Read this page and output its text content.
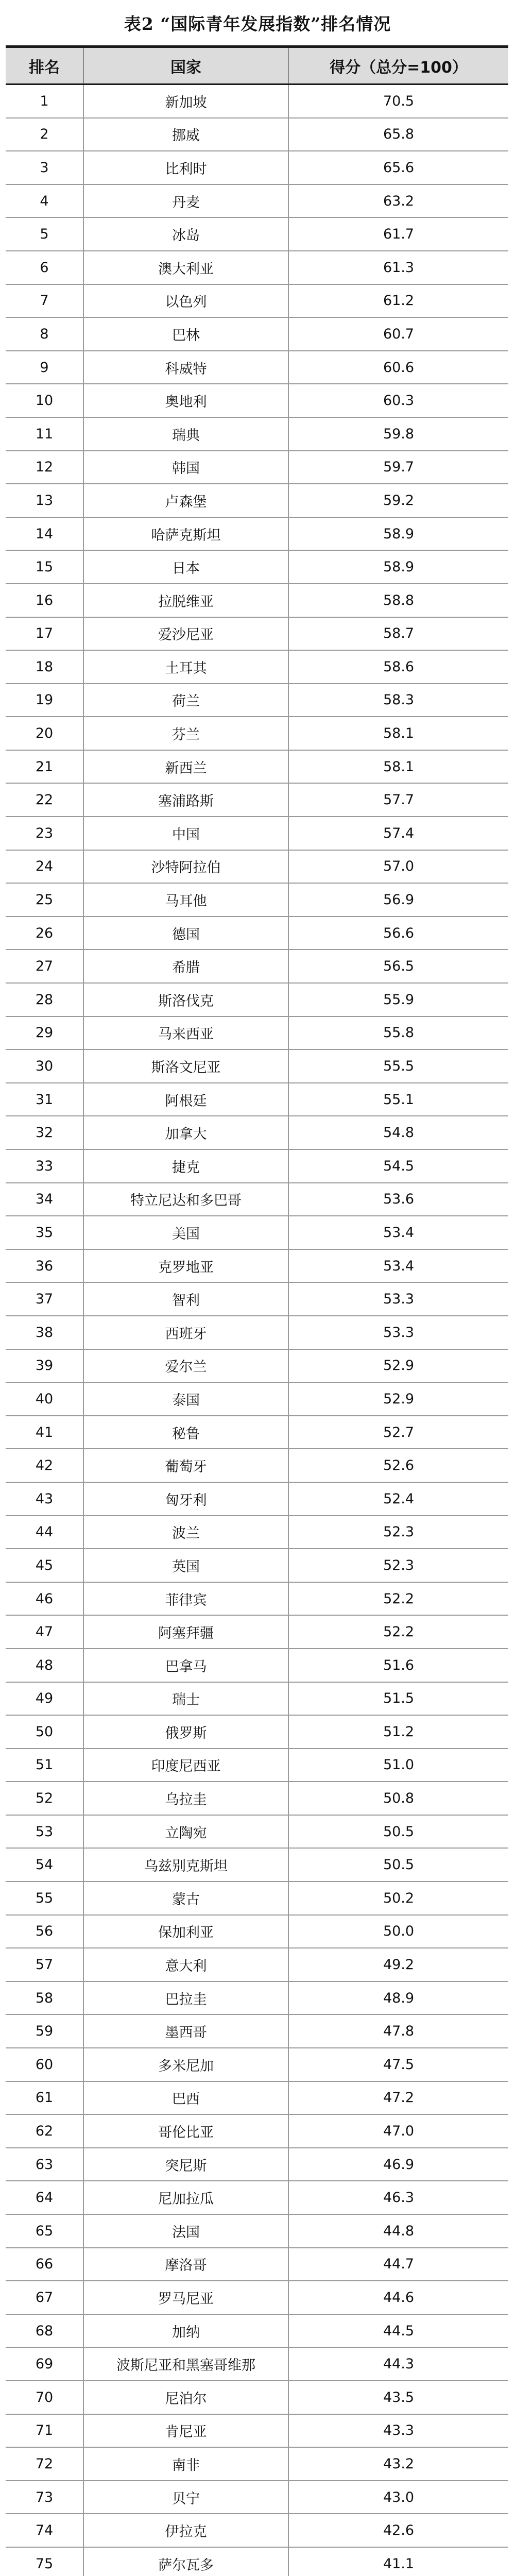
表2 “国际青年发展指数”排名情况
排名	国家	得分（总分=100）
1	新加坡	70.5
2	挪威	65.8
3	比利时	65.6
4	丹麦	63.2
5	冰岛	61.7
6	澳大利亚	61.3
7	以色列	61.2
8	巴林	60.7
9	科威特	60.6
10	奥地利	60.3
11	瑞典	59.8
12	韩国	59.7
13	卢森堡	59.2
14	哈萨克斯坦	58.9
15	日本	58.9
16	拉脱维亚	58.8
17	爱沙尼亚	58.7
18	土耳其	58.6
19	荷兰	58.3
20	芬兰	58.1
21	新西兰	58.1
22	塞浦路斯	57.7
23	中国	57.4
24	沙特阿拉伯	57.0
25	马耳他	56.9
26	德国	56.6
27	希腊	56.5
28	斯洛伐克	55.9
29	马来西亚	55.8
30	斯洛文尼亚	55.5
31	阿根廷	55.1
32	加拿大	54.8
33	捷克	54.5
34	特立尼达和多巴哥	53.6
35	美国	53.4
36	克罗地亚	53.4
37	智利	53.3
38	西班牙	53.3
39	爱尔兰	52.9
40	泰国	52.9
41	秘鲁	52.7
42	葡萄牙	52.6
43	匈牙利	52.4
44	波兰	52.3
45	英国	52.3
46	菲律宾	52.2
47	阿塞拜疆	52.2
48	巴拿马	51.6
49	瑞士	51.5
50	俄罗斯	51.2
51	印度尼西亚	51.0
52	乌拉圭	50.8
53	立陶宛	50.5
54	乌兹别克斯坦	50.5
55	蒙古	50.2
56	保加利亚	50.0
57	意大利	49.2
58	巴拉圭	48.9
59	墨西哥	47.8
60	多米尼加	47.5
61	巴西	47.2
62	哥伦比亚	47.0
63	突尼斯	46.9
64	尼加拉瓜	46.3
65	法国	44.8
66	摩洛哥	44.7
67	罗马尼亚	44.6
68	加纳	44.5
69	波斯尼亚和黑塞哥维那	44.3
70	尼泊尔	43.5
71	肯尼亚	43.3
72	南非	43.2
73	贝宁	43.0
74	伊拉克	42.6
75	萨尔瓦多	41.1
